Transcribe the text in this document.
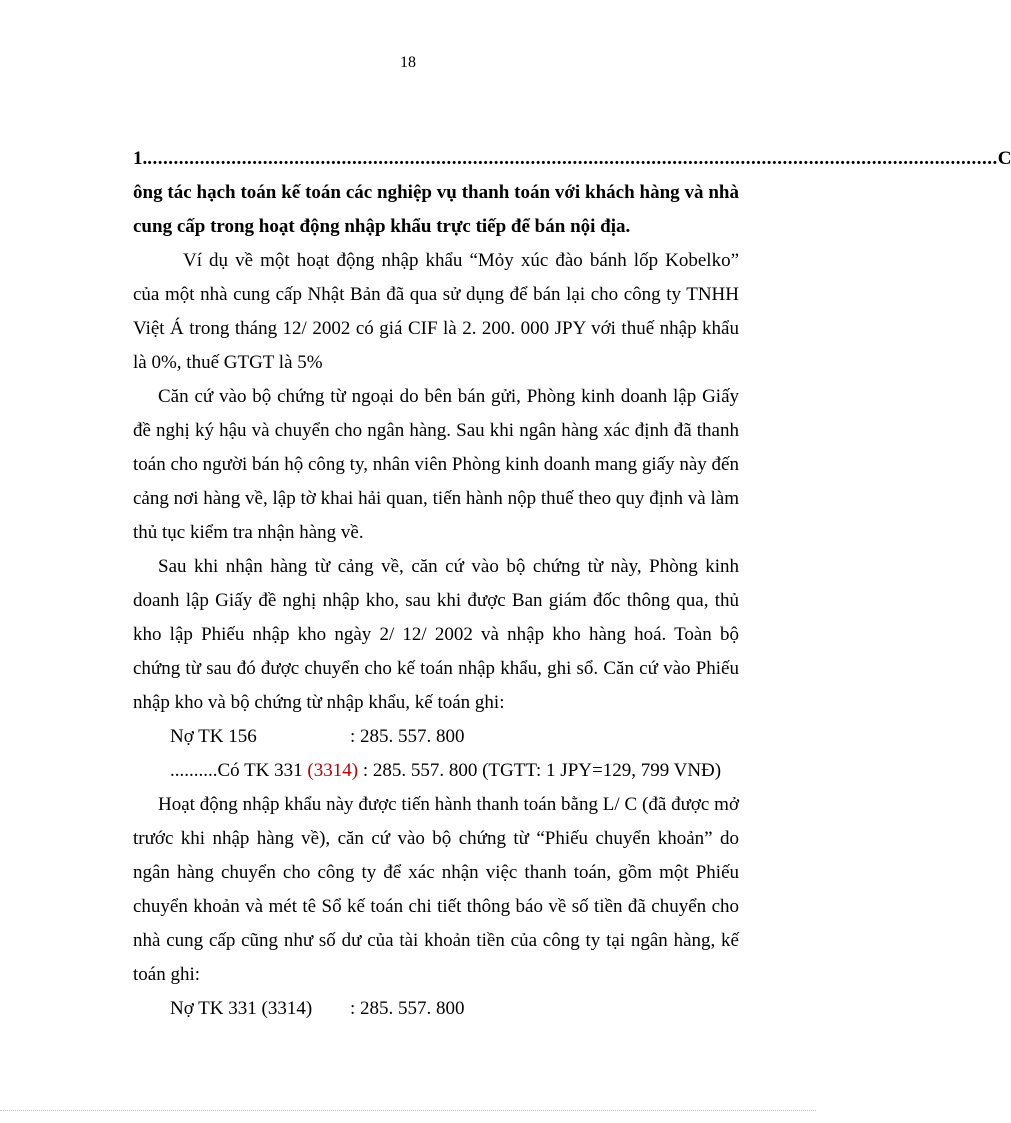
18
1. .................................................................................................................................................................. C
ông tác hạch toán kế toán các nghiệp vụ thanh toán với khách hàng và nhà cung cấp trong hoạt động nhập khẩu trực tiếp để bán nội địa.

Ví dụ về một hoạt động nhập khẩu “Mỏy xúc đào bánh lốp Kobelko” của một nhà cung cấp Nhật Bản đã qua sử dụng để bán lại cho công ty TNHH Việt Á trong tháng 12/ 2002 có giá CIF là 2. 200. 000 JPY với thuế nhập khẩu là 0%, thuế GTGT là 5%

Căn cứ vào bộ chứng từ ngoại do bên bán gửi, Phòng kinh doanh lập Giấy đề nghị ký hậu và chuyển cho ngân hàng. Sau khi ngân hàng xác định đã thanh toán cho người bán hộ công ty, nhân viên Phòng kinh doanh mang giấy này đến cảng nơi hàng về, lập tờ khai hải quan, tiến hành nộp thuế theo quy định và làm thủ tục kiểm tra nhận hàng về.

Sau khi nhận hàng từ cảng về, căn cứ vào bộ chứng từ này, Phòng kinh doanh lập Giấy đề nghị nhập kho, sau khi được Ban giám đốc thông qua, thủ kho lập Phiếu nhập kho ngày 2/ 12/ 2002 và nhập kho hàng hoá. Toàn bộ chứng từ sau đó được chuyển cho kế toán nhập khẩu, ghi sổ. Căn cứ vào Phiếu nhập kho và bộ chứng từ nhập khẩu, kế toán ghi:

Nợ TK 156	: 285. 557. 800

..........Có TK 331 (3314) : 285. 557. 800 (TGTT: 1 JPY=129, 799 VNĐ)

Hoạt động nhập khẩu này được tiến hành thanh toán bằng L/ C (đã được mở trước khi nhập hàng về), căn cứ vào bộ chứng từ “Phiếu chuyển khoản” do ngân hàng chuyển cho công ty để xác nhận việc thanh toán, gồm một Phiếu chuyển khoản và mét tê Sổ kế toán chi tiết thông báo về số tiền đã chuyển cho nhà cung cấp cũng như số dư của tài khoản tiền của công ty tại ngân hàng, kế toán ghi:

Nợ TK 331 (3314) : 285. 557. 800
